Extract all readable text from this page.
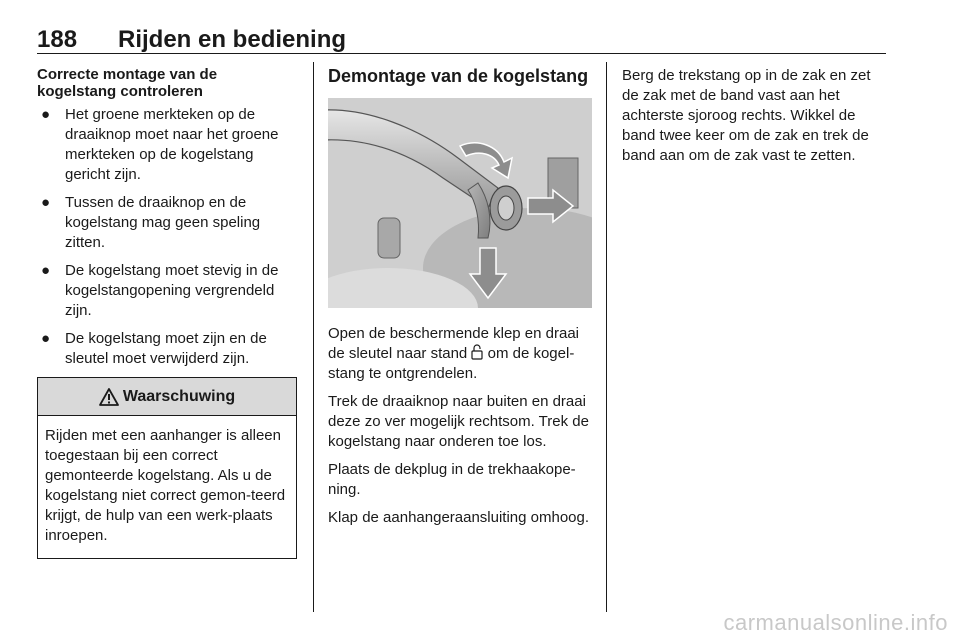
188 Rijden en bediening
Correcte montage van de kogelstang controleren
● Het groene merkteken op de draaiknop moet naar het groene merkteken op de kogelstang gericht zijn.
● Tussen de draaiknop en de kogelstang mag geen speling zitten.
● De kogelstang moet stevig in de kogelstangopening vergrendeld zijn.
● De kogelstang moet zijn en de sleutel moet verwijderd zijn.
Waarschuwing
Rijden met een aanhanger is alleen toegestaan bij een correct gemonteerde kogelstang. Als u de kogelstang niet correct gemon-teerd krijgt, de hulp van een werk-plaats inroepen.
Demontage van de kogelstang

Open de beschermende klep en draai de sleutel naar stand  om de kogel-stang te ontgrendelen.

Trek de draaiknop naar buiten en draai deze zo ver mogelijk rechtsom. Trek de kogelstang naar onderen toe los.

Plaats de dekplug in de trekhaakope-ning.

Klap de aanhangeraansluiting omhoog.

Berg de trekstang op in de zak en zet de zak met de band vast aan het achterste sjoroog rechts. Wikkel de band twee keer om de zak en trek de band aan om de zak vast te zetten.

carmanualsonline.info
